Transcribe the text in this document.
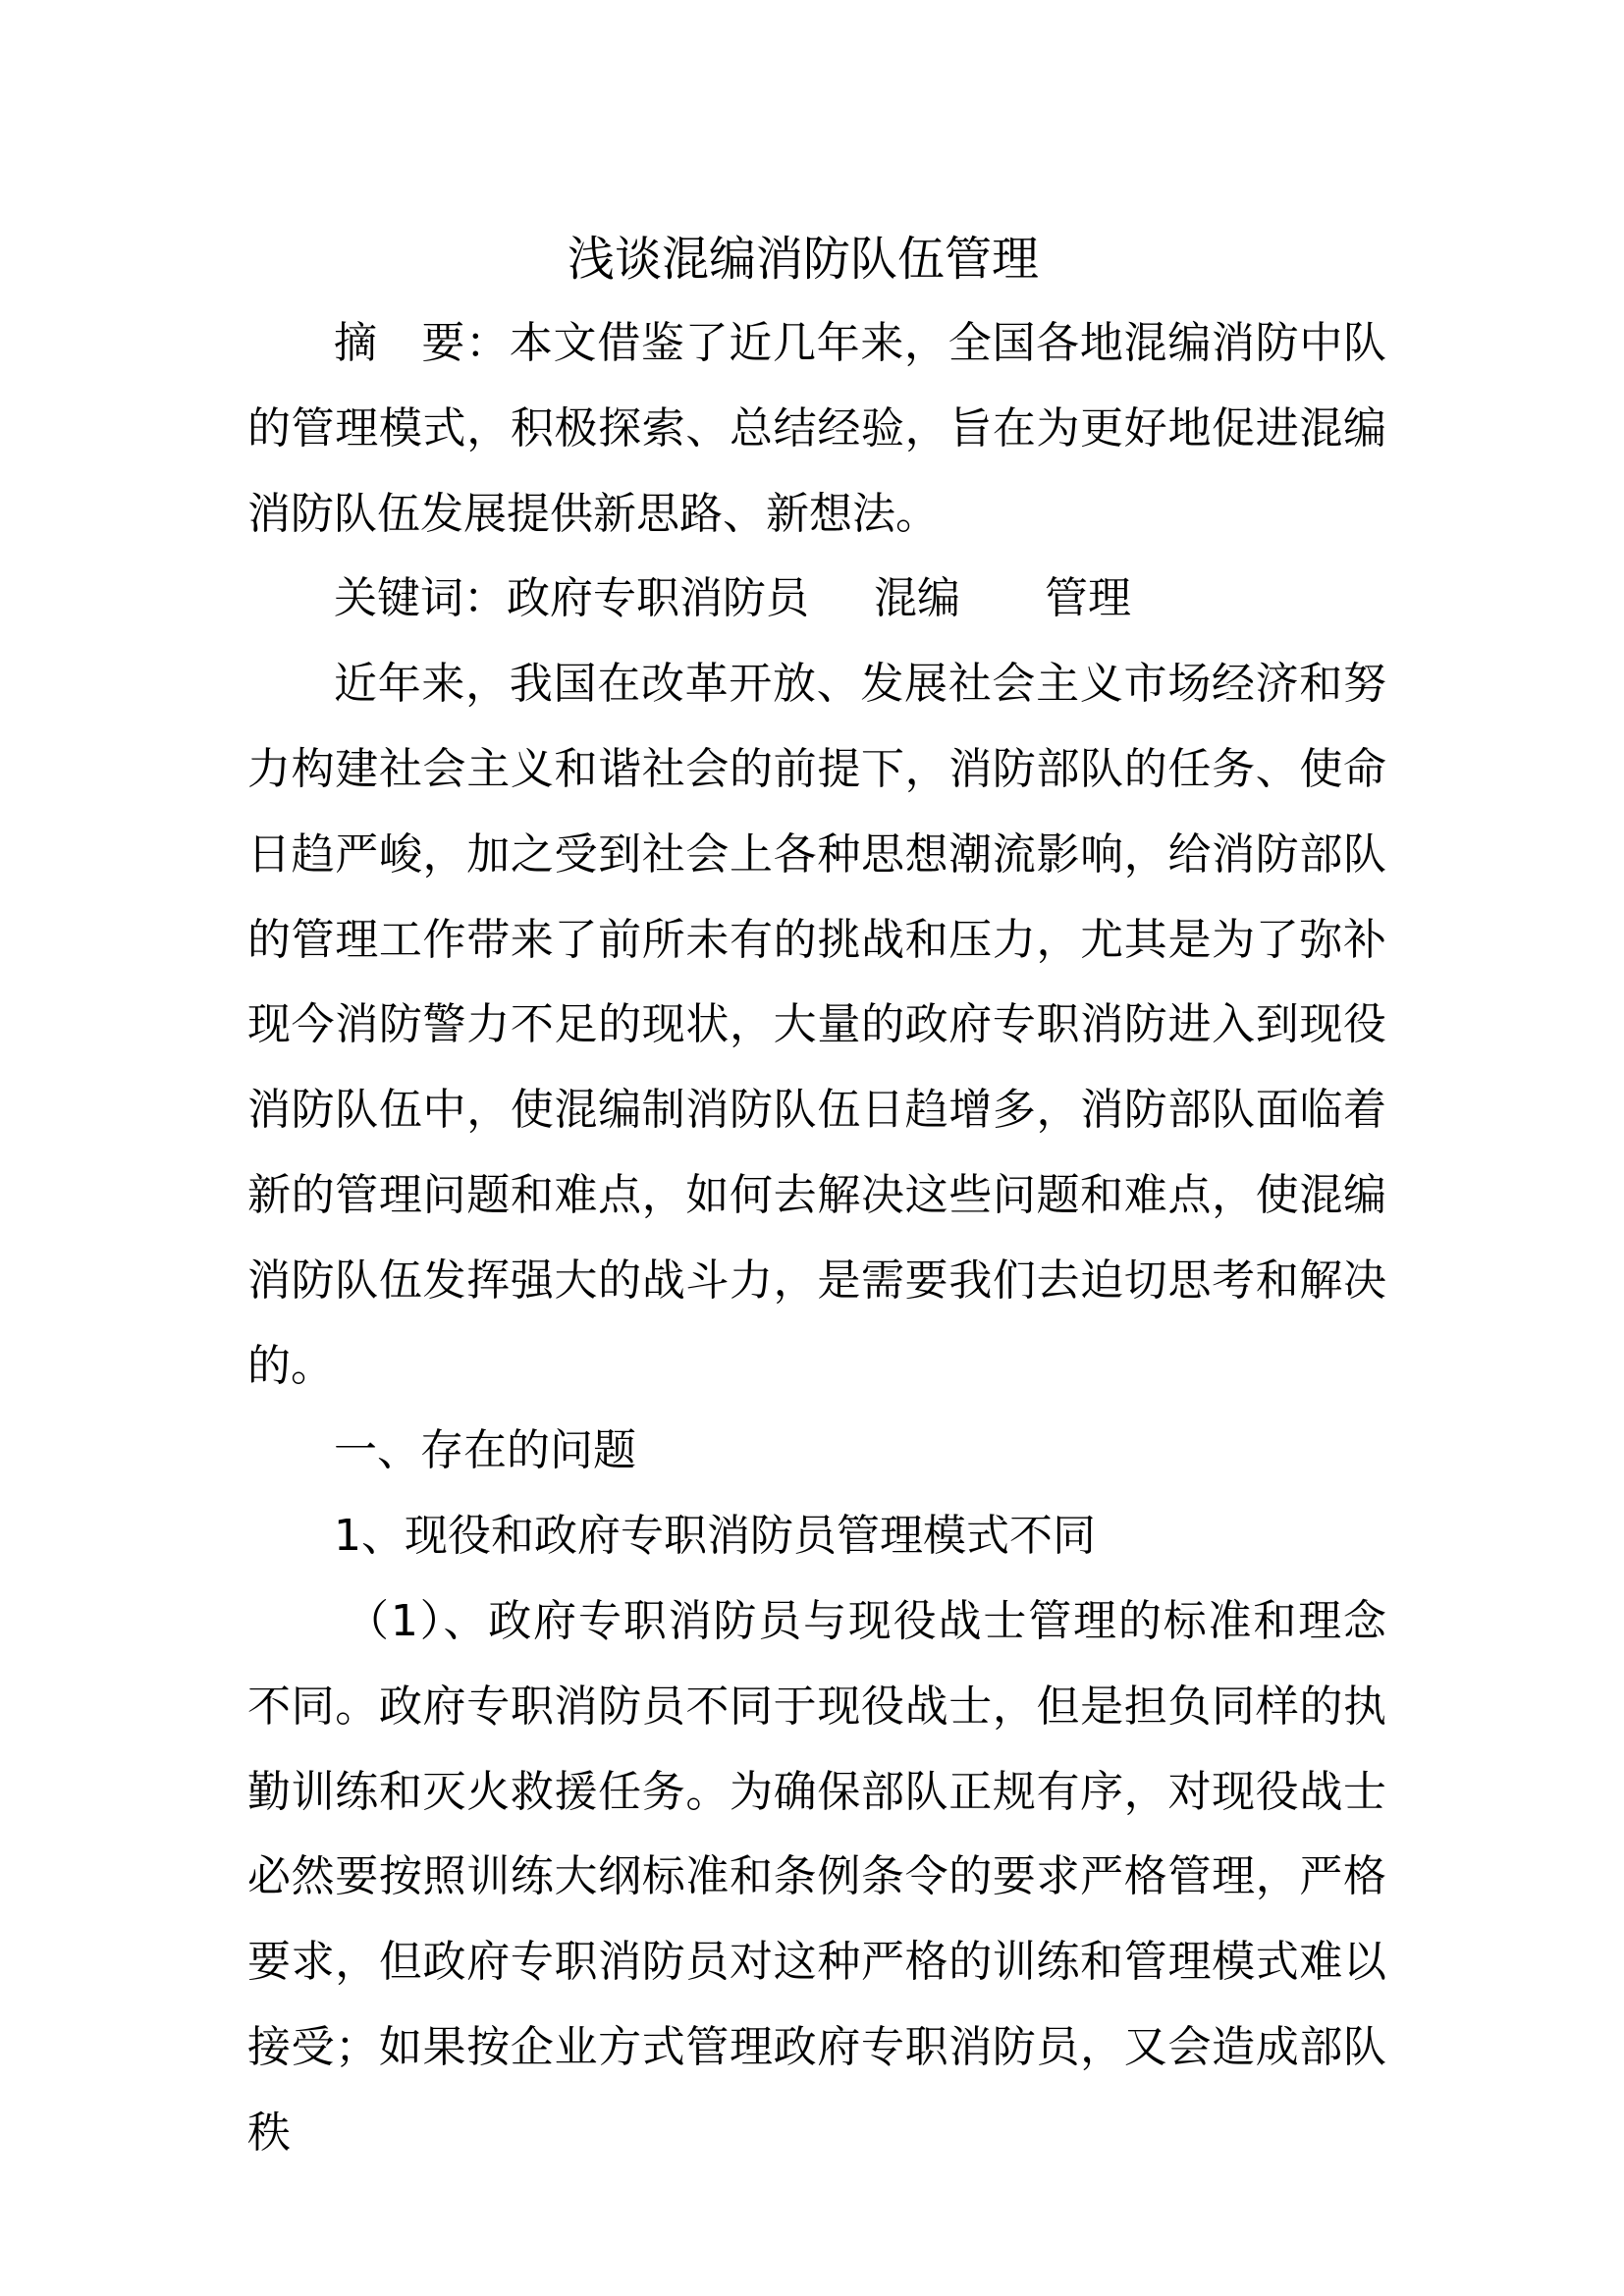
浅谈混编消防队伍管理

摘　要：本文借鉴了近几年来，全国各地混编消防中队的管理模式，积极探索、总结经验，旨在为更好地促进混编消防队伍发展提供新思路、新想法。

关键词：政府专职消防员 混编 管理

近年来，我国在改革开放、发展社会主义市场经济和努力构建社会主义和谐社会的前提下，消防部队的任务、使命日趋严峻，加之受到社会上各种思想潮流影响，给消防部队的管理工作带来了前所未有的挑战和压力，尤其是为了弥补现今消防警力不足的现状，大量的政府专职消防进入到现役消防队伍中，使混编制消防队伍日趋增多，消防部队面临着新的管理问题和难点，如何去解决这些问题和难点，使混编消防队伍发挥强大的战斗力，是需要我们去迫切思考和解决的。

一、存在的问题

1、现役和政府专职消防员管理模式不同

（1）、政府专职消防员与现役战士管理的标准和理念不同。政府专职消防员不同于现役战士，但是担负同样的执勤训练和灭火救援任务。为确保部队正规有序，对现役战士必然要按照训练大纲标准和条例条令的要求严格管理，严格要求，但政府专职消防员对这种严格的训练和管理模式难以接受；如果按企业方式管理政府专职消防员，又会造成部队秩
